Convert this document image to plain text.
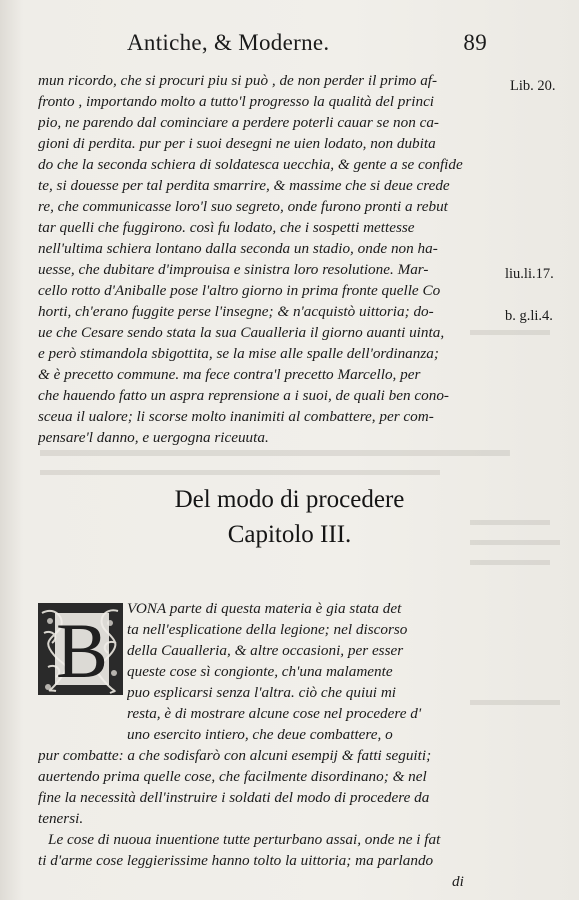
Antiche, & Moderne.	89
Lib. 20.
liu.li.17.
b. g.li.4.
mun ricordo, che si procuri piu si può , de non perder il primo af-
fronto , importando molto a tutto'l progresso la qualità del princi
pio, ne parendo dal cominciare a perdere poterli cauar se non ca-
gioni di perdita. pur per i suoi desegni ne uien lodato, non dubita
do che la seconda schiera di soldatesca uecchia, & gente a se confide
te, si douesse per tal perdita smarrire, & massime che si deue crede
re, che communicasse loro'l suo segreto, onde furono pronti a rebut
tar quelli che fuggirono. così fu lodato, che i sospetti mettesse
nell'ultima schiera lontano dalla seconda un stadio, onde non ha-
uesse, che dubitare d'improuisa e sinistra loro resolutione. Mar-
cello rotto d'Aniballe pose l'altro giorno in prima fronte quelle Co
horti, ch'erano fuggite perse l'insegne; & n'acquistò uittoria; do-
ue che Cesare sendo stata la sua Caualleria il giorno auanti uinta,
e però stimandola sbigottita, se la mise alle spalle dell'ordinanza;
& è precetto commune. ma fece contra'l precetto Marcello, per
che hauendo fatto un aspra reprensione a i suoi, de quali ben cono-
sceua il ualore; li scorse molto inanimiti al combattere, per com-
pensare'l danno, e uergogna riceuuta.
Del modo di procedere
Capitolo III.
B VONA parte di questa materia è gia stata det
ta nell'esplicatione della legione; nel discorso
della Caualleria, & altre occasioni, per esser
queste cose sì congionte, ch'una malamente
puo esplicarsi senza l'altra. ciò che quiui mi
resta, è di mostrare alcune cose nel procedere d'
uno esercito intiero, che deue combattere, o
pur combatte: a che sodisfarò con alcuni esempij & fatti seguiti;
auertendo prima quelle cose, che facilmente disordinano; & nel
fine la necessità dell'instruire i soldati del modo di procedere da
tenersi.
Le cose di nuoua inuentione tutte perturbano assai, onde ne i fat
ti d'arme cose leggierissime hanno tolto la uittoria; ma parlando
di
